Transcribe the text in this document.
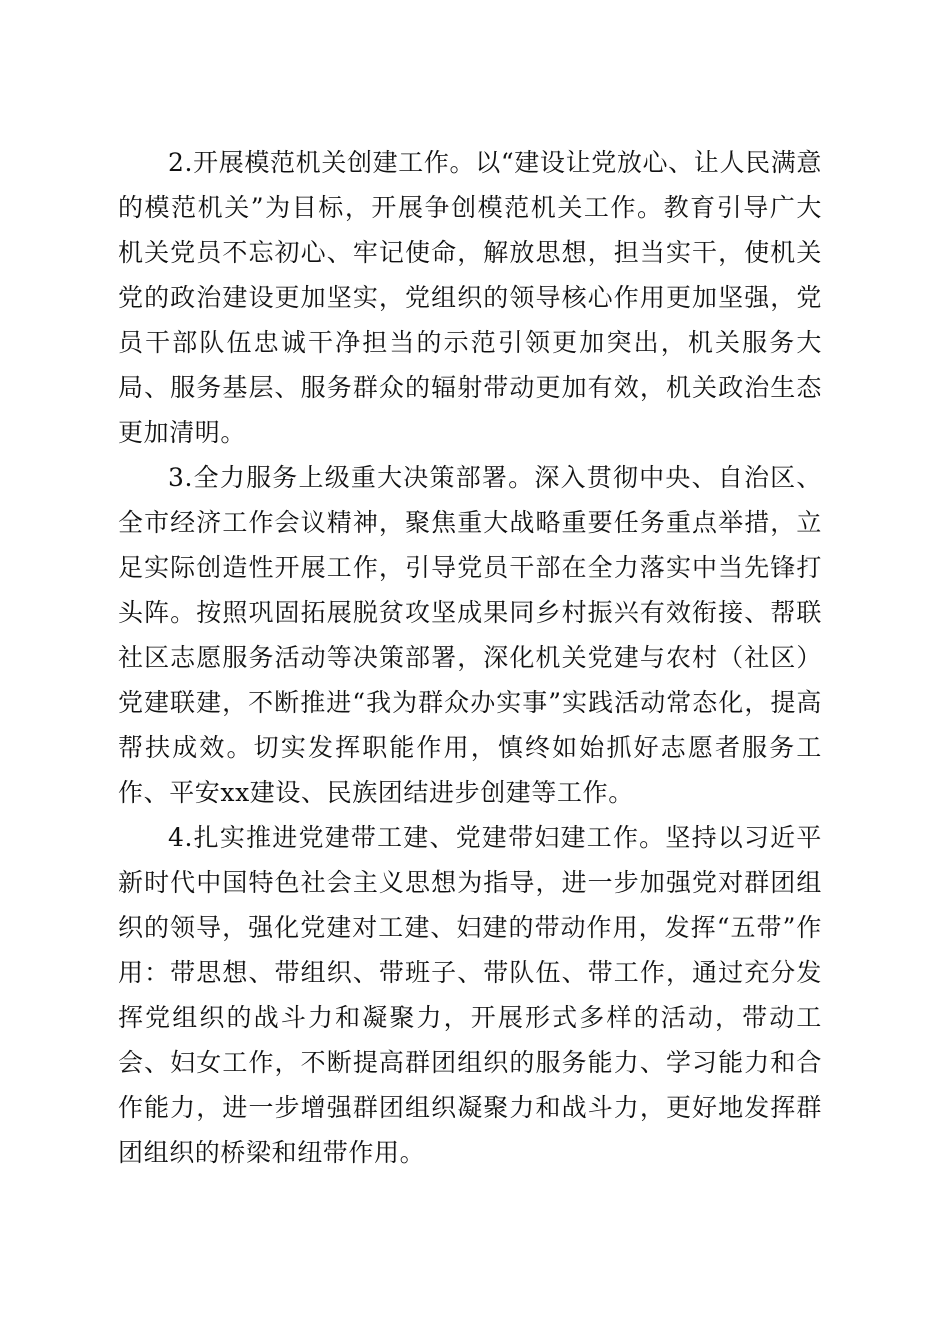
2.开展模范机关创建工作。以“建设让党放心、让人民满意的模范机关”为目标，开展争创模范机关工作。教育引导广大机关党员不忘初心、牢记使命，解放思想，担当实干，使机关党的政治建设更加坚实，党组织的领导核心作用更加坚强，党员干部队伍忠诚干净担当的示范引领更加突出，机关服务大局、服务基层、服务群众的辐射带动更加有效，机关政治生态更加清明。

3.全力服务上级重大决策部署。深入贯彻中央、自治区、全市经济工作会议精神，聚焦重大战略重要任务重点举措，立足实际创造性开展工作，引导党员干部在全力落实中当先锋打头阵。按照巩固拓展脱贫攻坚成果同乡村振兴有效衔接、帮联社区志愿服务活动等决策部署，深化机关党建与农村（社区）党建联建，不断推进“我为群众办实事”实践活动常态化，提高帮扶成效。切实发挥职能作用，慎终如始抓好志愿者服务工作、平安xx建设、民族团结进步创建等工作。

4.扎实推进党建带工建、党建带妇建工作。坚持以习近平新时代中国特色社会主义思想为指导，进一步加强党对群团组织的领导，强化党建对工建、妇建的带动作用，发挥“五带”作用：带思想、带组织、带班子、带队伍、带工作，通过充分发挥党组织的战斗力和凝聚力，开展形式多样的活动，带动工会、妇女工作，不断提高群团组织的服务能力、学习能力和合作能力，进一步增强群团组织凝聚力和战斗力，更好地发挥群团组织的桥梁和纽带作用。
